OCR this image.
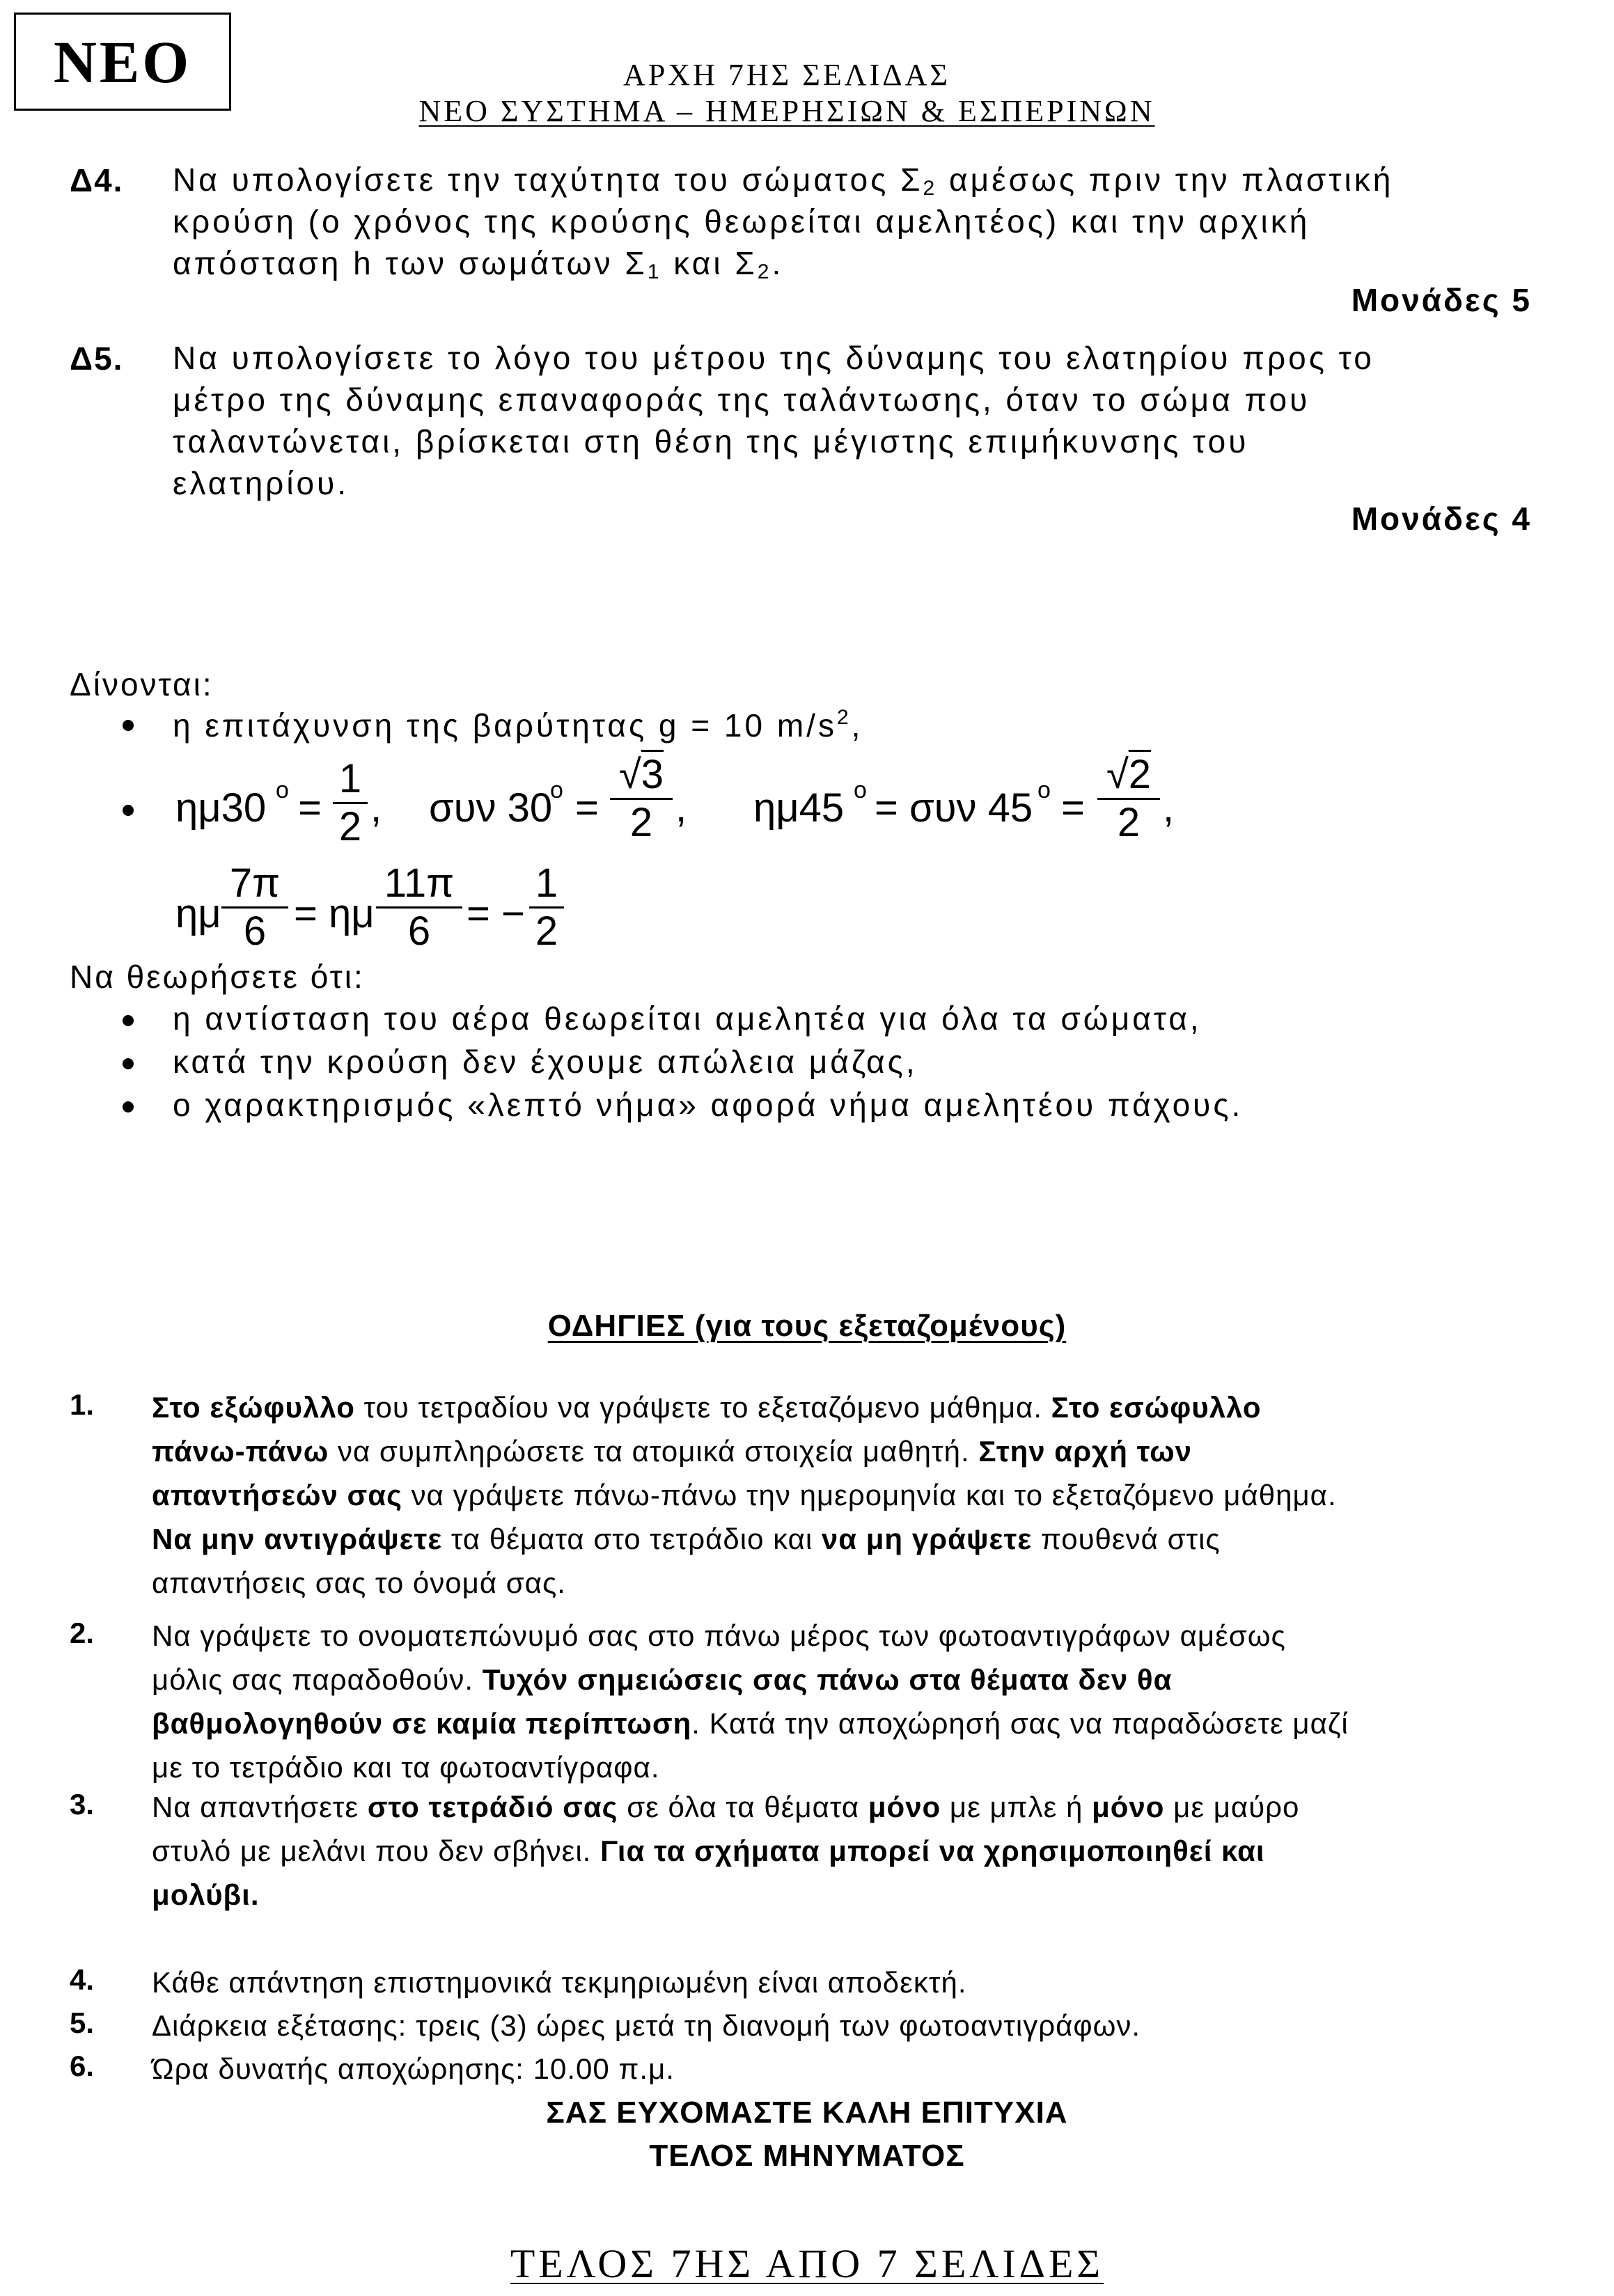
ΝΕΟ	ΑΡΧΗ 7ΗΣ ΣΕΛΙΔΑΣ
ΝΕΟ ΣΥΣΤΗΜΑ – ΗΜΕΡΗΣΙΩΝ & ΕΣΠΕΡΙΝΩΝ
Δ4. Να υπολογίσετε την ταχύτητα του σώματος $\Sigma_2$ αμέσως πριν την πλαστική
κρούση (ο χρόνος της κρούσης θεωρείται αμελητέος) και την αρχική
απόσταση h των σωμάτων $\Sigma_1$ και $\Sigma_2$.
Μονάδες 5
Δ5. Να υπολογίσετε το λόγο του μέτρου της δύναμης του ελατηρίου προς το
μέτρο της δύναμης επαναφοράς της ταλάντωσης, όταν το σώμα που
ταλαντώνεται, βρίσκεται στη θέση της μέγιστης επιμήκυνσης του
ελατηρίου.
Μονάδες 4
Δίνονται:
η επιτάχυνση της βαρύτητας g = 10 $m/s^2$,
ημ30 o =
1
2 , συν 30
o =
√3
2 , ημ45 o = συν 45 o =
√2
2 ,
ημ
7π
6 = ημ
11π
6 = −
1
2
Να θεωρήσετε ότι:
η αντίσταση του αέρα θεωρείται αμελητέα για όλα τα σώματα,
κατά την κρούση δεν έχουμε απώλεια μάζας,
ο χαρακτηρισμός «λεπτό νήμα» αφορά νήμα αμελητέου πάχους.
ΟΔΗΓΙΕΣ (για τους εξεταζομένους)
1. Στο εξώφυλλο του τετραδίου να γράψετε το εξεταζόμενο μάθημα. Στο εσώφυλλο
πάνω-πάνω να συμπληρώσετε τα ατομικά στοιχεία μαθητή. Στην αρχή των
απαντήσεών σας να γράψετε πάνω-πάνω την ημερομηνία και το εξεταζόμενο μάθημα.
Να μην αντιγράψετε τα θέματα στο τετράδιο και να μη γράψετε πουθενά στις
απαντήσεις σας το όνομά σας.
2. Να γράψετε το ονοματεπώνυμό σας στο πάνω μέρος των φωτοαντιγράφων αμέσως
μόλις σας παραδοθούν. Τυχόν σημειώσεις σας πάνω στα θέματα δεν θα
βαθμολογηθούν σε καμία περίπτωση. Κατά την αποχώρησή σας να παραδώσετε μαζί
με το τετράδιο και τα φωτοαντίγραφα.
3. Να απαντήσετε στο τετράδιό σας σε όλα τα θέματα μόνο με μπλε ή μόνο με μαύρο
στυλό με μελάνι που δεν σβήνει. Για τα σχήματα μπορεί να χρησιμοποιηθεί και
μολύβι.
4. Κάθε απάντηση επιστημονικά τεκμηριωμένη είναι αποδεκτή.
5. Διάρκεια εξέτασης: τρεις (3) ώρες μετά τη διανομή των φωτοαντιγράφων.
6. Ώρα δυνατής αποχώρησης: 10.00 π.μ.
ΣΑΣ ΕΥΧΟΜΑΣΤΕ ΚΑΛΗ ΕΠΙΤΥΧΙΑ
ΤΕΛΟΣ ΜΗΝΥΜΑΤΟΣ
ΤΕΛΟΣ 7ΗΣ ΑΠΟ 7 ΣΕΛΙΔΕΣ
